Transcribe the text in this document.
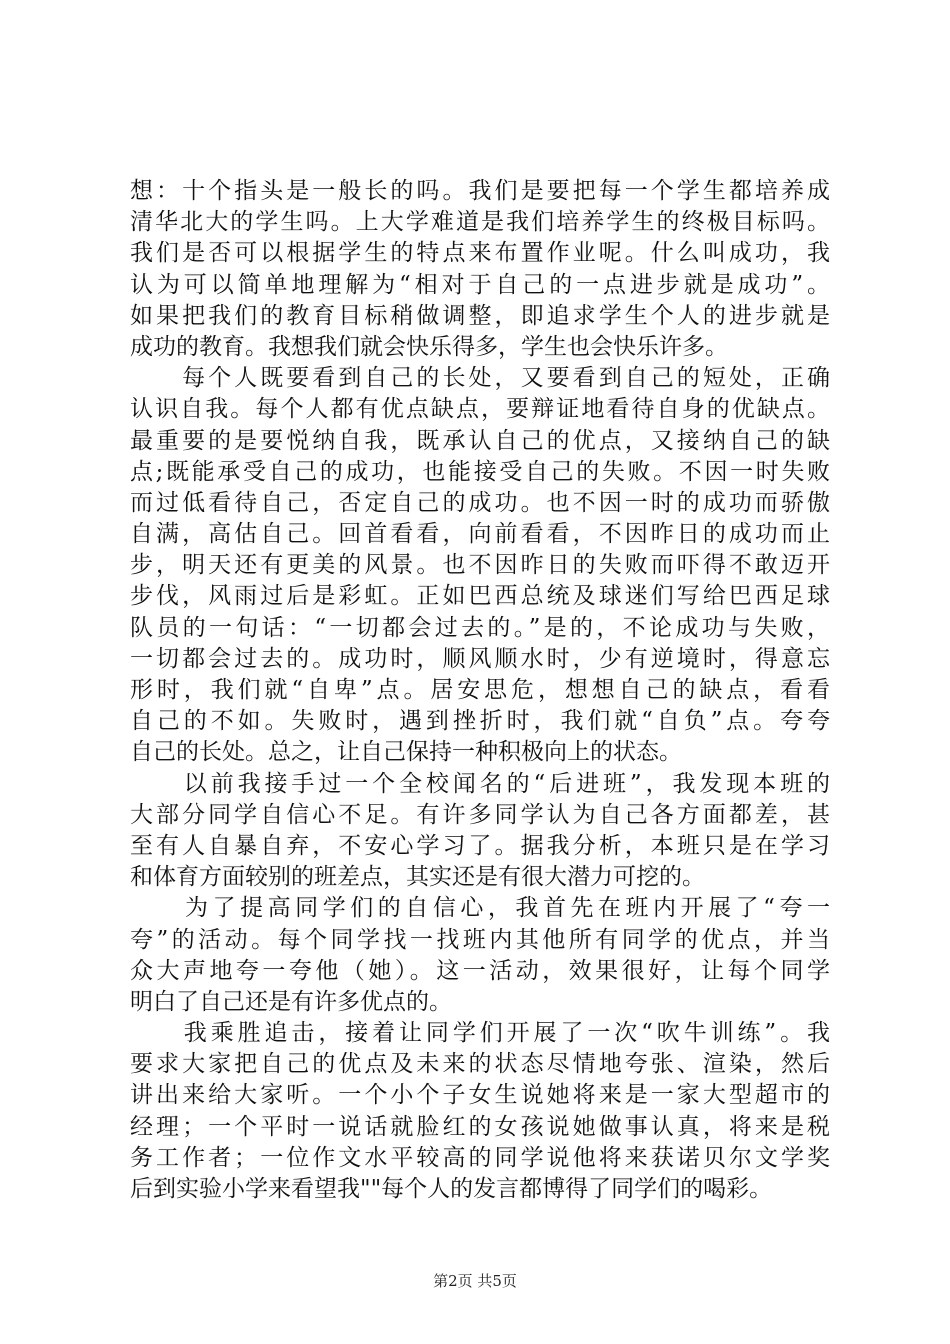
想：十个指头是一般长的吗。我们是要把每一个学生都培养成
清华北大的学生吗。上大学难道是我们培养学生的终极目标吗。
我们是否可以根据学生的特点来布置作业呢。什么叫成功，我
认为可以简单地理解为“相对于自己的一点进步就是成功”。
如果把我们的教育目标稍做调整，即追求学生个人的进步就是
成功的教育。我想我们就会快乐得多，学生也会快乐许多。
　　每个人既要看到自己的长处，又要看到自己的短处，正确
认识自我。每个人都有优点缺点，要辩证地看待自身的优缺点。
最重要的是要悦纳自我，既承认自己的优点，又接纳自己的缺
点;既能承受自己的成功，也能接受自己的失败。不因一时失败
而过低看待自己，否定自己的成功。也不因一时的成功而骄傲
自满，高估自己。回首看看，向前看看，不因昨日的成功而止
步，明天还有更美的风景。也不因昨日的失败而吓得不敢迈开
步伐，风雨过后是彩虹。正如巴西总统及球迷们写给巴西足球
队员的一句话：“一切都会过去的。”是的，不论成功与失败，
一切都会过去的。成功时，顺风顺水时，少有逆境时，得意忘
形时，我们就“自卑”点。居安思危，想想自己的缺点，看看
自己的不如。失败时，遇到挫折时，我们就“自负”点。夸夸
自己的长处。总之，让自己保持一种积极向上的状态。
　　以前我接手过一个全校闻名的“后进班”，我发现本班的
大部分同学自信心不足。有许多同学认为自己各方面都差，甚
至有人自暴自弃，不安心学习了。据我分析，本班只是在学习
和体育方面较别的班差点，其实还是有很大潜力可挖的。
　　为了提高同学们的自信心，我首先在班内开展了“夸一
夸”的活动。每个同学找一找班内其他所有同学的优点，并当
众大声地夸一夸他（她）。这一活动，效果很好，让每个同学
明白了自己还是有许多优点的。
　　我乘胜追击，接着让同学们开展了一次“吹牛训练”。我
要求大家把自己的优点及未来的状态尽情地夸张、渲染，然后
讲出来给大家听。一个小个子女生说她将来是一家大型超市的
经理；一个平时一说话就脸红的女孩说她做事认真，将来是税
务工作者；一位作文水平较高的同学说他将来获诺贝尔文学奖
后到实验小学来看望我""每个人的发言都博得了同学们的喝彩。
第2页 共5页
